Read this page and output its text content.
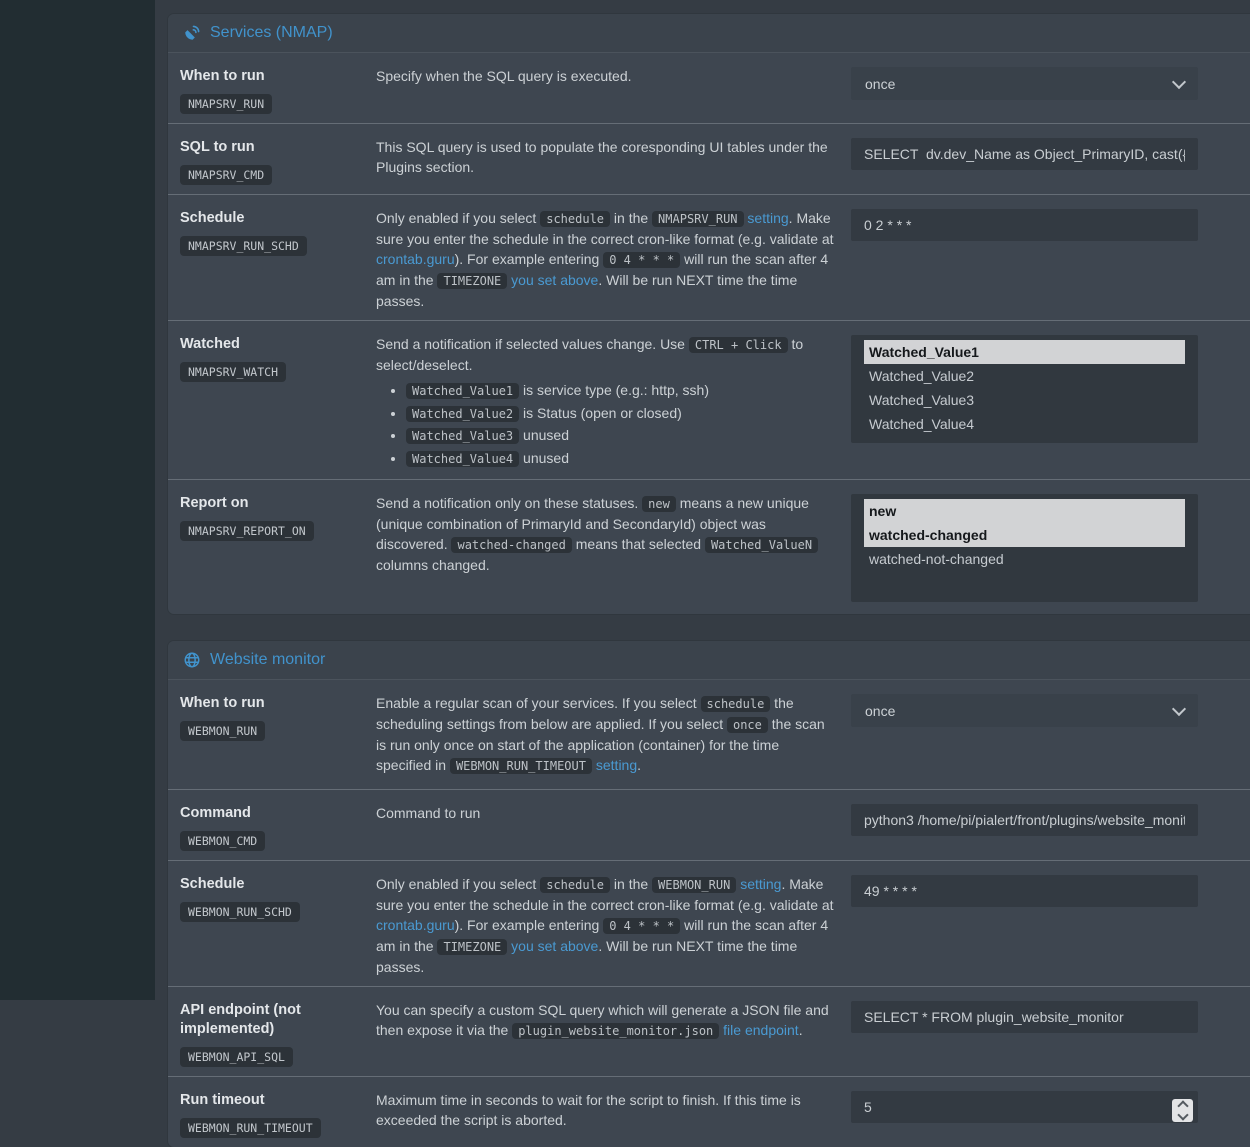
Services (NMAP)
When to run
NMAPSRV_RUN
Specify when the SQL query is executed.	once
SQL to run
NMAPSRV_CMD
This SQL query is used to populate the coresponding UI tables under the Plugins section.
SELECT dv.dev_Name as Object_PrimaryID, cast({s-quo
Schedule
NMAPSRV_RUN_SCHD
Only enabled if you select schedule in the NMAPSRV_RUN setting. Make sure you enter the schedule in the correct cron-like format (e.g. validate at crontab.guru). For example entering 0 4 * * * will run the scan after 4 am in the TIMEZONE you set above. Will be run NEXT time the time passes.
0 2 * * *
Watched
NMAPSRV_WATCH
Send a notification if selected values change. Use CTRL + Click to select/deselect.
• Watched_Value1 is service type (e.g.: http, ssh)
• Watched_Value2 is Status (open or closed)
• Watched_Value3 unused
• Watched_Value4 unused
Watched_Value1
Watched_Value2
Watched_Value3
Watched_Value4
Report on
NMAPSRV_REPORT_ON
Send a notification only on these statuses. new means a new unique (unique combination of PrimaryId and SecondaryId) object was discovered. watched-changed means that selected Watched_ValueN columns changed.
new
watched-changed
watched-not-changed
Website monitor
When to run
WEBMON_RUN
Enable a regular scan of your services. If you select schedule the scheduling settings from below are applied. If you select once the scan is run only once on start of the application (container) for the time specified in WEBMON_RUN_TIMEOUT setting.
once
Command
WEBMON_CMD
Command to run
python3 /home/pi/pialert/front/plugins/website_monit
Schedule
WEBMON_RUN_SCHD
Only enabled if you select schedule in the WEBMON_RUN setting. Make sure you enter the schedule in the correct cron-like format (e.g. validate at crontab.guru). For example entering 0 4 * * * will run the scan after 4 am in the TIMEZONE you set above. Will be run NEXT time the time passes.
49 * * * *
API endpoint (not implemented)
WEBMON_API_SQL
You can specify a custom SQL query which will generate a JSON file and then expose it via the plugin_website_monitor.json file endpoint.
SELECT * FROM plugin_website_monitor
Run timeout
WEBMON_RUN_TIMEOUT
Maximum time in seconds to wait for the script to finish. If this time is exceeded the script is aborted.
5
